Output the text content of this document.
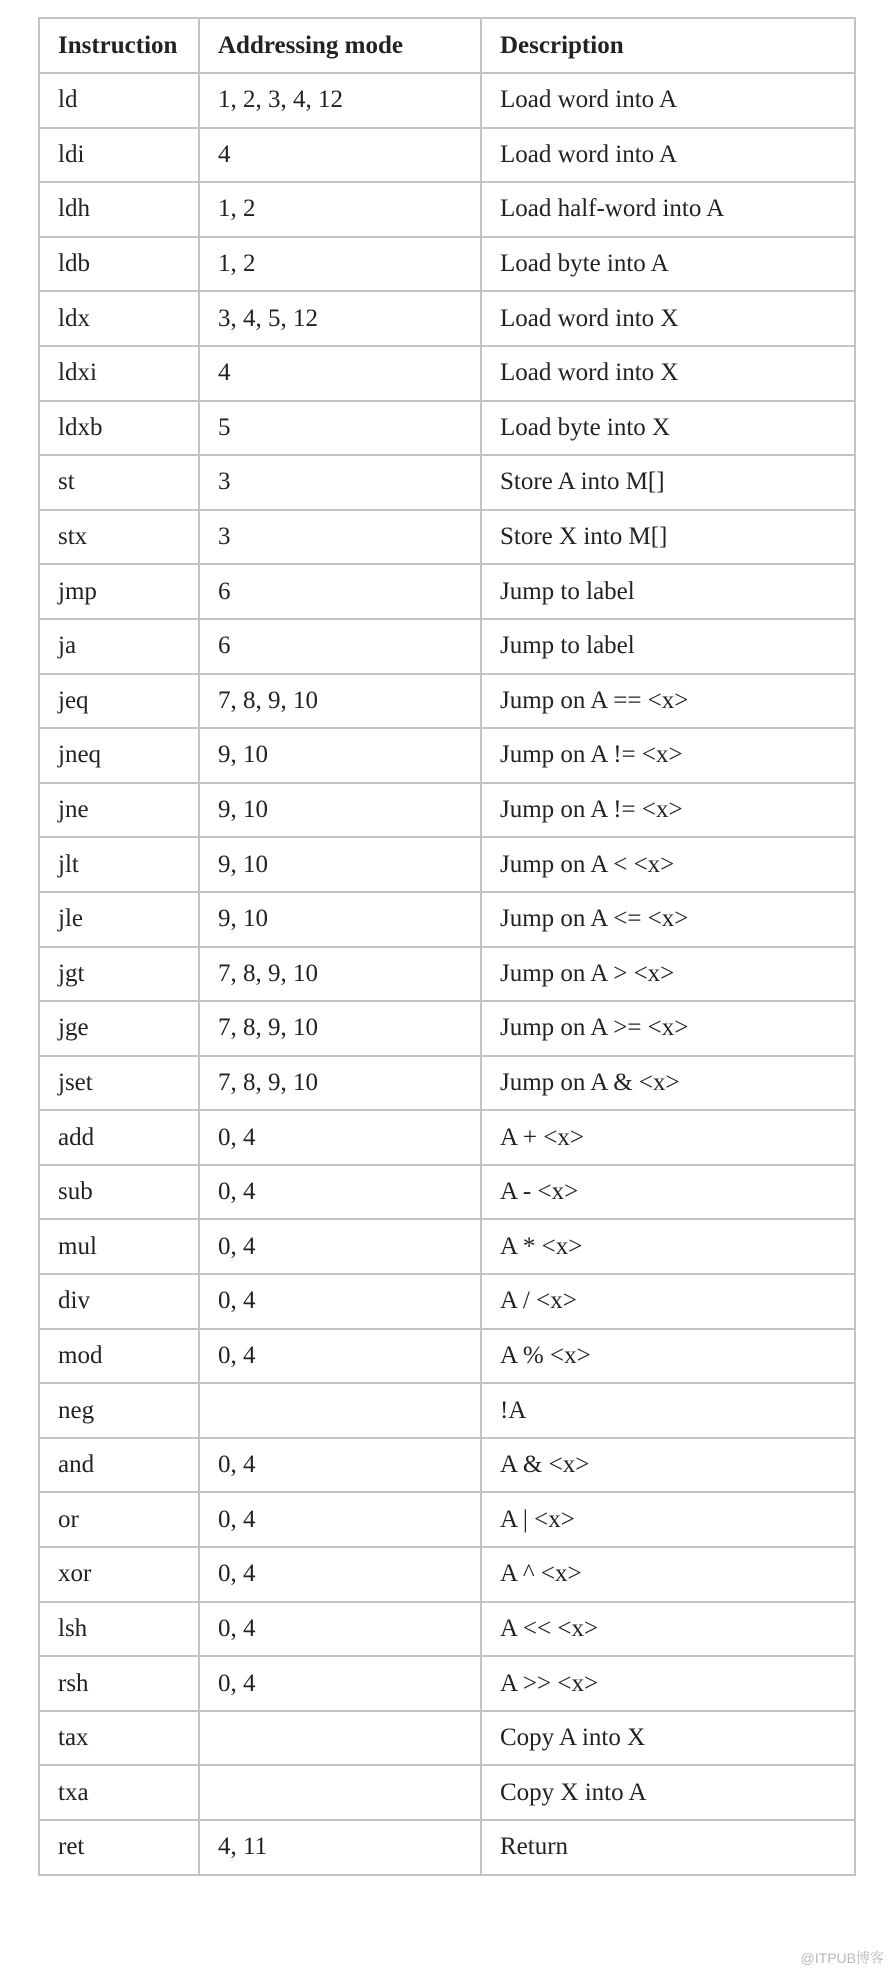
Instruction	Addressing mode	Description
ld	1, 2, 3, 4, 12	Load word into A
ldi	4	Load word into A
ldh	1, 2	Load half-word into A
ldb	1, 2	Load byte into A
ldx	3, 4, 5, 12	Load word into X
ldxi	4	Load word into X
ldxb	5	Load byte into X
st	3	Store A into M[]
stx	3	Store X into M[]
jmp	6	Jump to label
ja	6	Jump to label
jeq	7, 8, 9, 10	Jump on A == <x>
jneq	9, 10	Jump on A != <x>
jne	9, 10	Jump on A != <x>
jlt	9, 10	Jump on A < <x>
jle	9, 10	Jump on A <= <x>
jgt	7, 8, 9, 10	Jump on A > <x>
jge	7, 8, 9, 10	Jump on A >= <x>
jset	7, 8, 9, 10	Jump on A & <x>
add	0, 4	A + <x>
sub	0, 4	A - <x>
mul	0, 4	A * <x>
div	0, 4	A / <x>
mod	0, 4	A % <x>
neg		!A
and	0, 4	A & <x>
or	0, 4	A | <x>
xor	0, 4	A ^ <x>
lsh	0, 4	A << <x>
rsh	0, 4	A >> <x>
tax		Copy A into X
txa		Copy X into A
ret	4, 11	Return
@ITPUB博客
